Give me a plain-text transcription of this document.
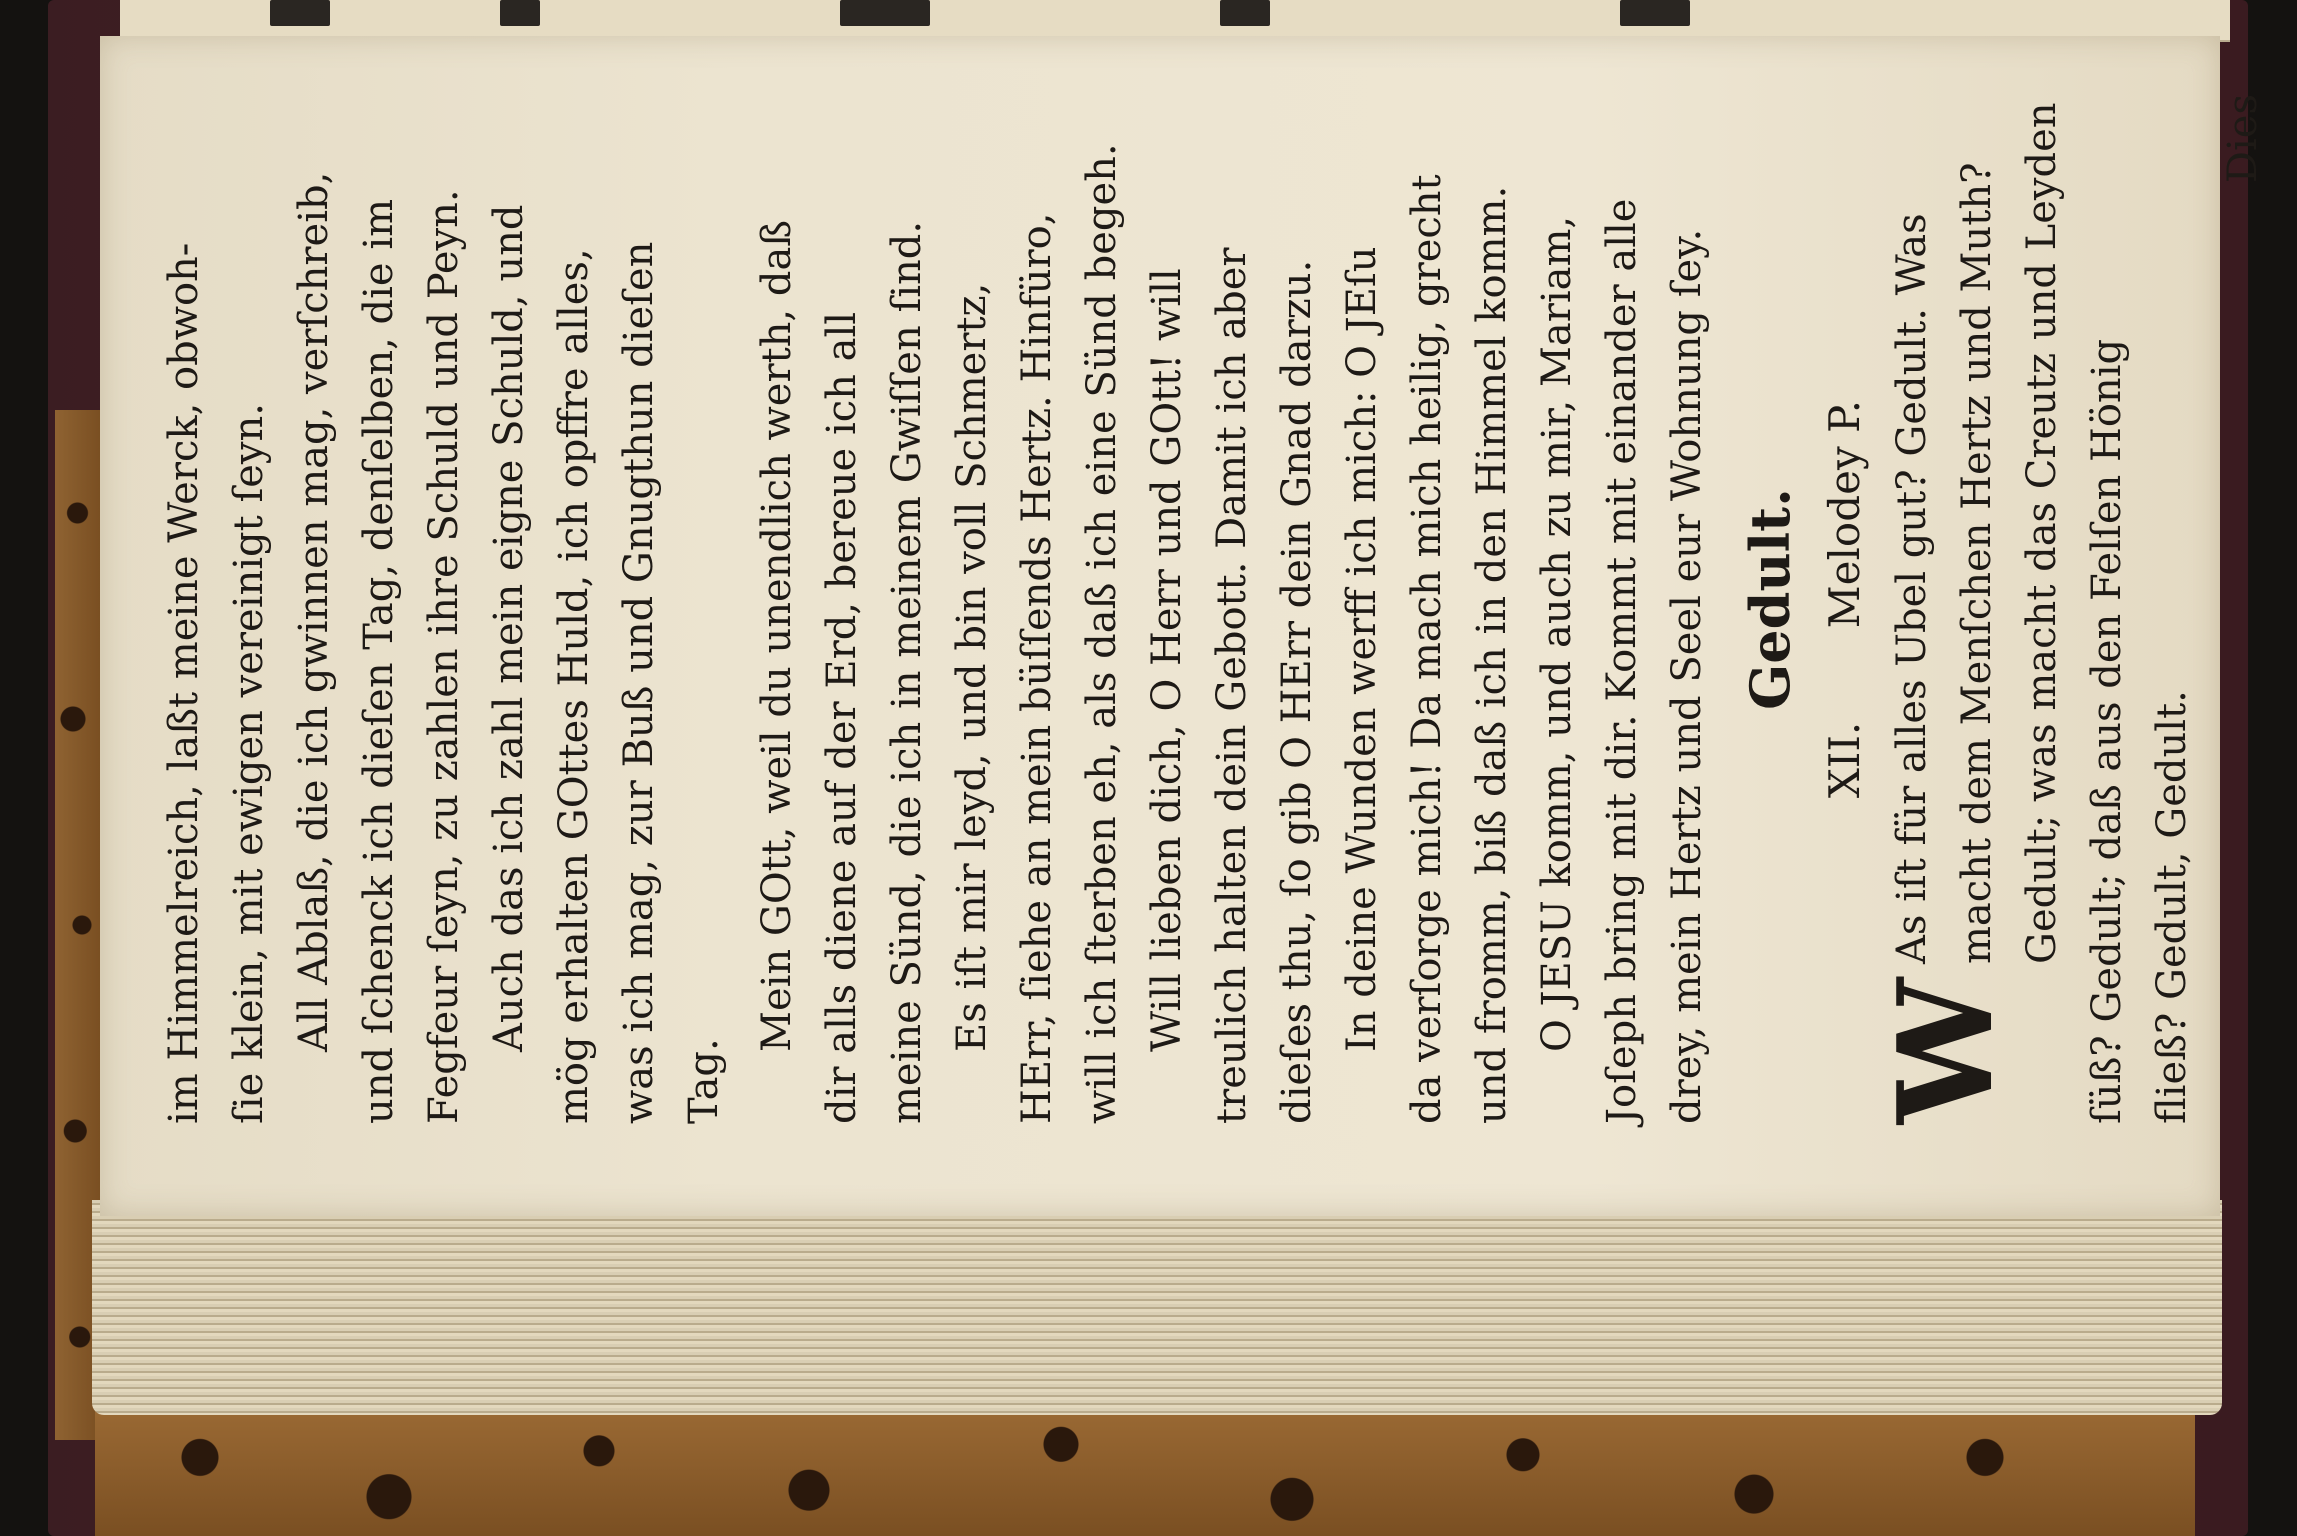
im Himmelreich, laßt meine Werck, obwoh- ſie klein, mit ewigen vereinigt ſeyn. All Ablaß, die ich gwinnen mag, verſchreib, und ſchenck ich dieſen Tag, denſelben, die im Fegfeur ſeyn, zu zahlen ihre Schuld und Peyn. Auch das ich zahl mein eigne Schuld, und mög erhalten GOttes Huld, ich opffre alles, was ich mag, zur Buß und Gnugthun dieſen Tag.
Mein GOtt, weil du unendlich werth, daß dir alls diene auf der Erd, bereue ich all meine Sünd, die ich in meinem Gwiſſen ſind. Es iſt mir leyd, und bin voll Schmertz, HErr, ſiehe an mein büſſends Hertz. Hinfüro, will ich ſterben eh, als daß ich eine Sünd begeh. Will lieben dich, O Herr und GOtt! will treulich halten dein Gebott. Damit ich aber dieſes thu, ſo gib O HErr dein Gnad darzu. In deine Wunden werff ich mich: O JEſu da verſorge mich! Da mach mich heilig, grecht und fromm, biß daß ich in den Himmel komm. O JESU komm, und auch zu mir, Mariam, Joſeph bring mit dir. Kommt mit einander alle drey, mein Hertz und Seel eur Wohnung ſey. Gedult.
XII. Melodey P.
W
As iſt für alles Ubel gut? Gedult. Was macht dem Menſchen Hertz und Muth? Gedult; was macht das Creutz und Leyden ſüß? Gedult; daß aus den Felſen Hönig fließ? Gedult, Gedult.
Dies
